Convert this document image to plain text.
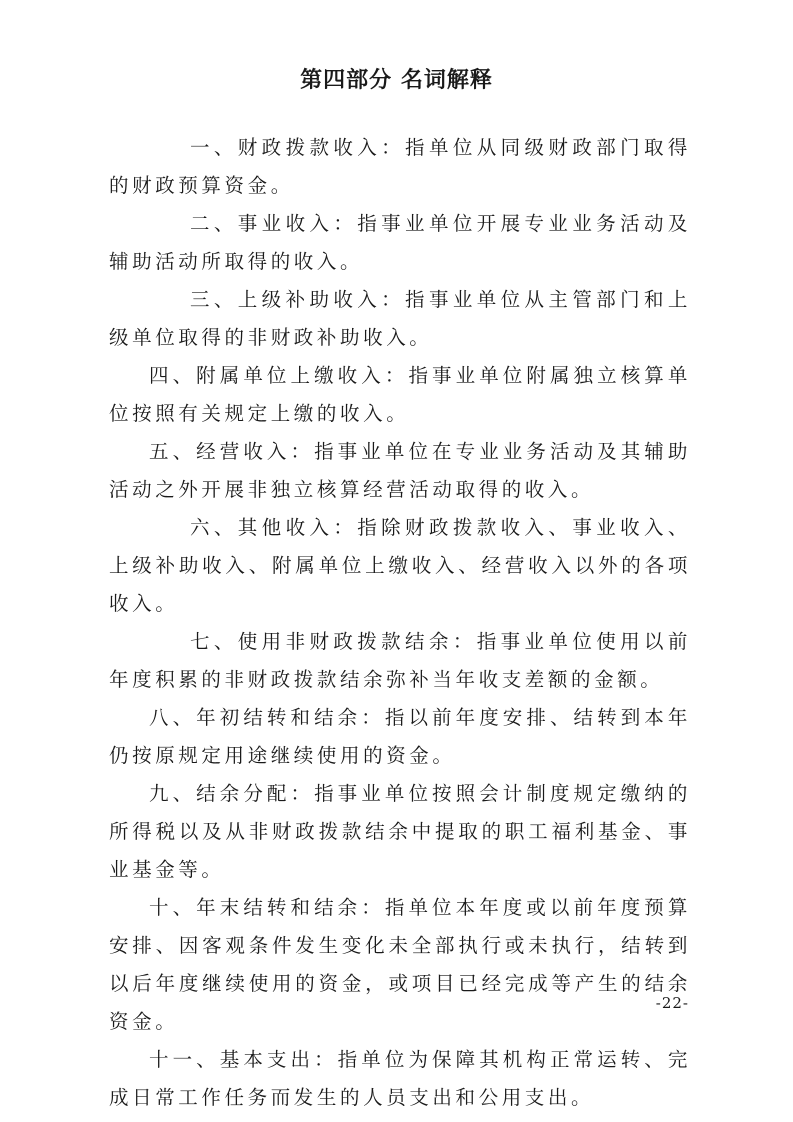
第四部分 名词解释

一、财政拨款收入：指单位从同级财政部门取得的财政预算资金。

二、事业收入：指事业单位开展专业业务活动及辅助活动所取得的收入。

三、上级补助收入：指事业单位从主管部门和上级单位取得的非财政补助收入。

四、附属单位上缴收入：指事业单位附属独立核算单位按照有关规定上缴的收入。

五、经营收入：指事业单位在专业业务活动及其辅助活动之外开展非独立核算经营活动取得的收入。

六、其他收入：指除财政拨款收入、事业收入、上级补助收入、附属单位上缴收入、经营收入以外的各项收入。

七、使用非财政拨款结余：指事业单位使用以前年度积累的非财政拨款结余弥补当年收支差额的金额。

八、年初结转和结余：指以前年度安排、结转到本年仍按原规定用途继续使用的资金。

九、结余分配：指事业单位按照会计制度规定缴纳的所得税以及从非财政拨款结余中提取的职工福利基金、事业基金等。

十、年末结转和结余：指单位本年度或以前年度预算安排、因客观条件发生变化未全部执行或未执行，结转到以后年度继续使用的资金，或项目已经完成等产生的结余资金。

十一、基本支出：指单位为保障其机构正常运转、完成日常工作任务而发生的人员支出和公用支出。

-22-
